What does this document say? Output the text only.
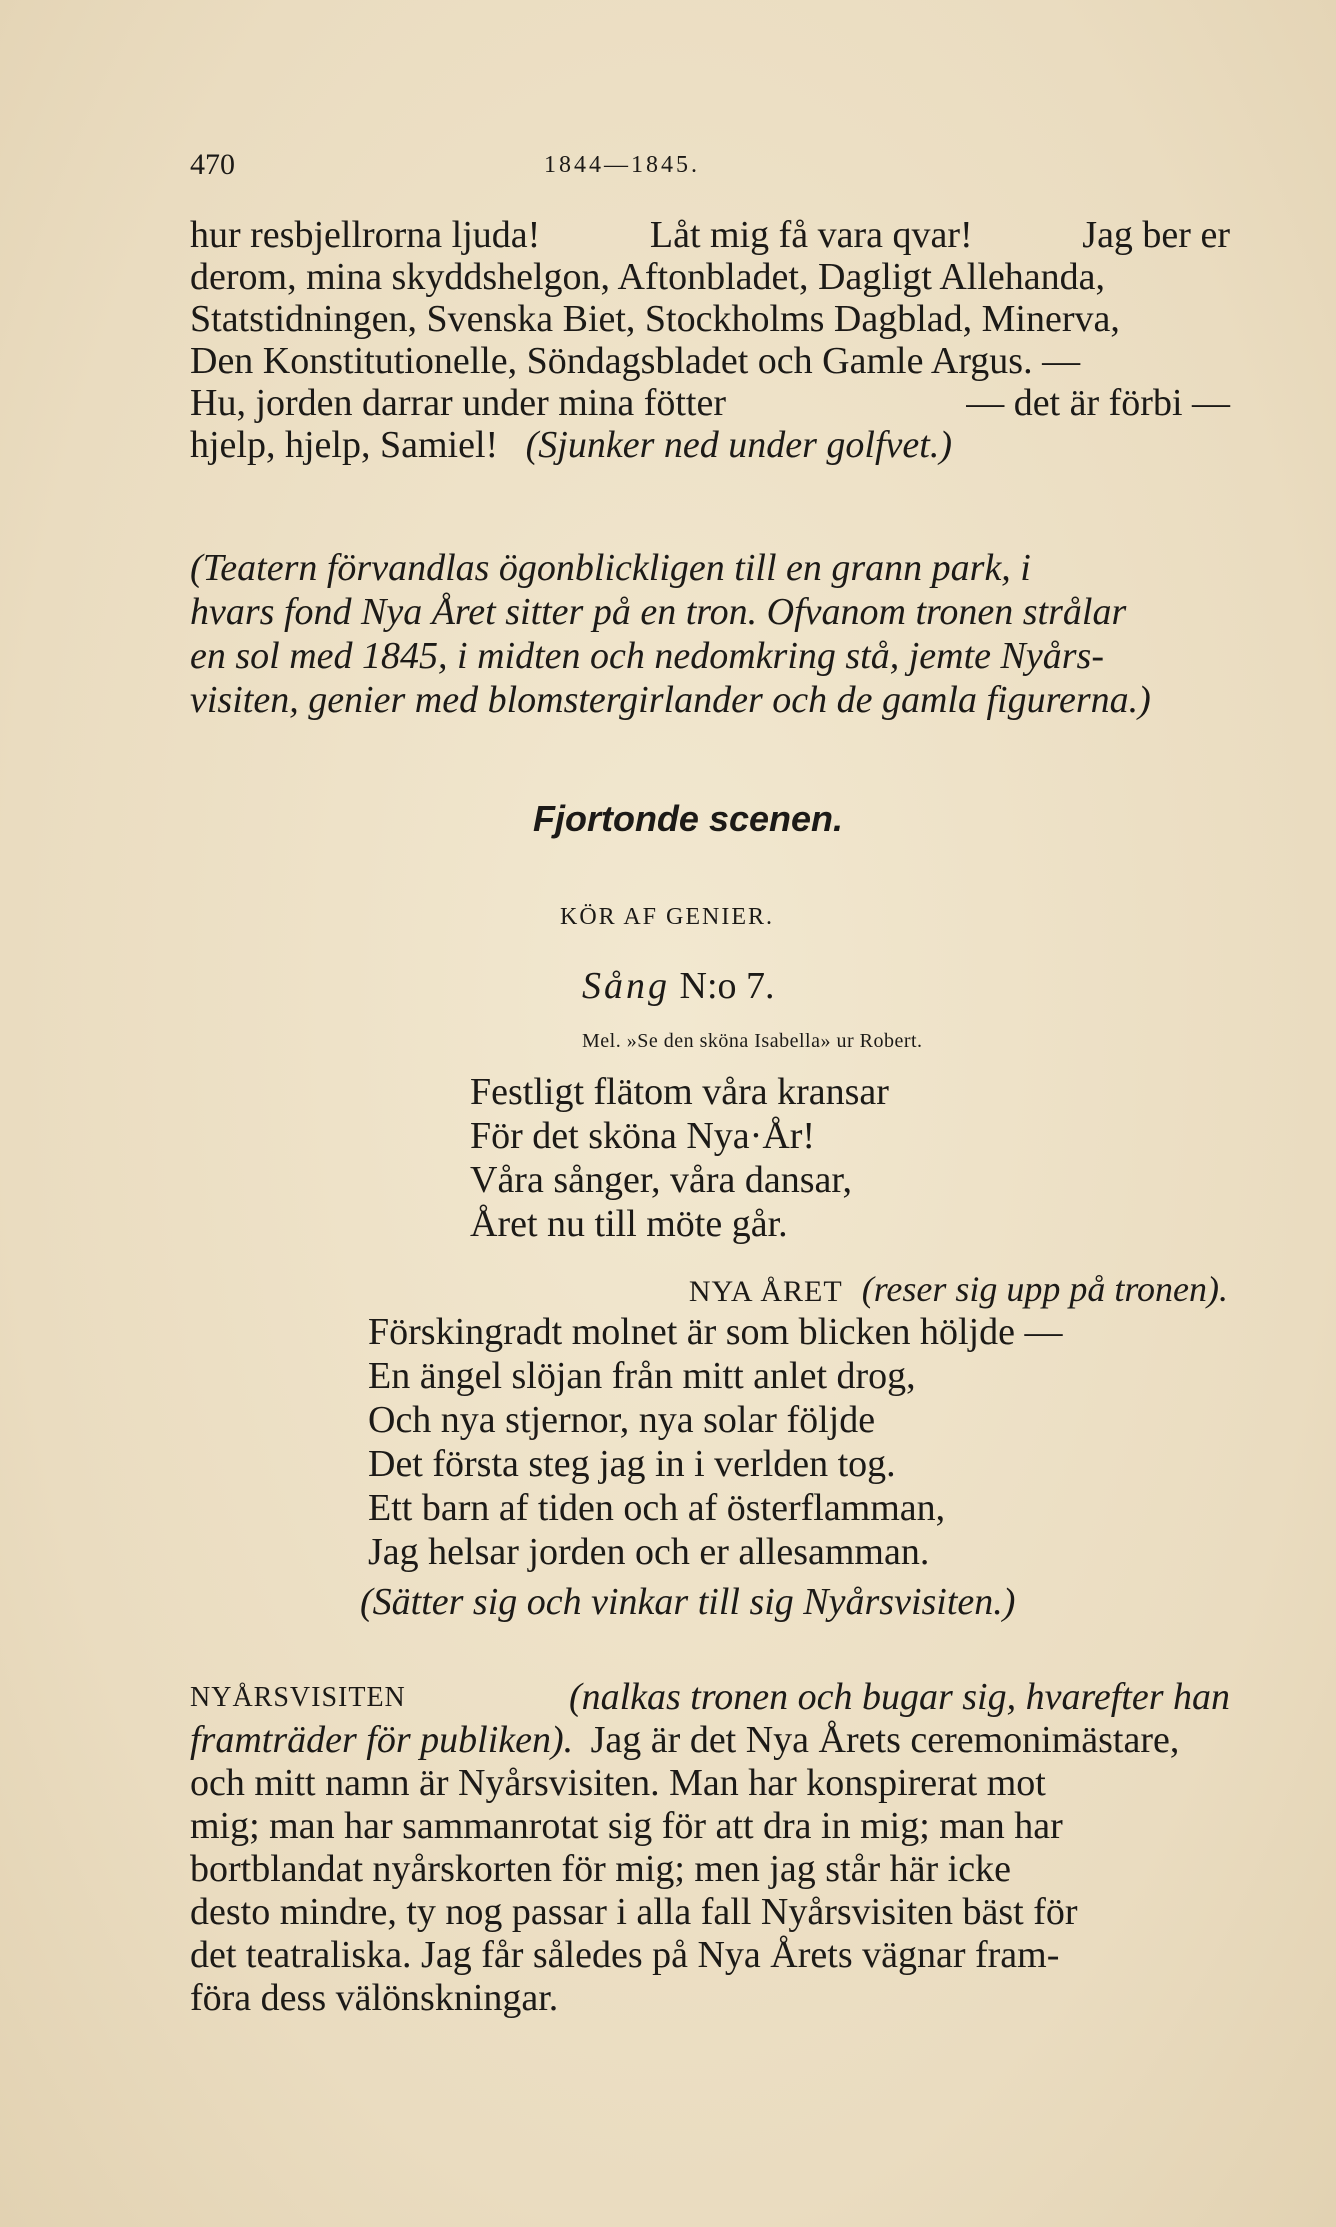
470	1844—1845.
hur resbjellrorna ljuda!	Låt mig få vara qvar!	Jag ber er
derom, mina skyddshelgon, Aftonbladet, Dagligt Allehanda,
Statstidningen, Svenska Biet, Stockholms Dagblad, Minerva,
Den Konstitutionelle, Söndagsbladet och Gamle Argus. —
Hu, jorden darrar under mina fötter	— det är förbi —
hjelp, hjelp, Samiel! (Sjunker ned under golfvet.)
(Teatern förvandlas ögonblickligen till en grann park, i
hvars fond Nya Året sitter på en tron. Ofvanom tronen strålar
en sol med 1845, i midten och nedomkring stå, jemte Nyårs-
visiten, genier med blomstergirlander och de gamla figurerna.)
Fjortonde scenen.
KÖR AF GENIER.
Sång N:o 7.
Mel. »Se den sköna Isabella» ur Robert.
Festligt flätom våra kransar
För det sköna Nya·År!
Våra sånger, våra dansar,
Året nu till möte går.
NYA ÅRET (reser sig upp på tronen).
Förskingradt molnet är som blicken höljde —
En ängel slöjan från mitt anlet drog,
Och nya stjernor, nya solar följde
Det första steg jag in i verlden tog.
Ett barn af tiden och af österflamman,
Jag helsar jorden och er allesamman.
(Sätter sig och vinkar till sig Nyårsvisiten.)
NYÅRSVISITEN	(nalkas tronen och bugar sig, hvarefter han
framträder för publiken). Jag är det Nya Årets ceremonimästare,
och mitt namn är Nyårsvisiten. Man har konspirerat mot
mig; man har sammanrotat sig för att dra in mig; man har
bortblandat nyårskorten för mig; men jag står här icke
desto mindre, ty nog passar i alla fall Nyårsvisiten bäst för
det teatraliska. Jag får således på Nya Årets vägnar fram-
föra dess välönskningar.
